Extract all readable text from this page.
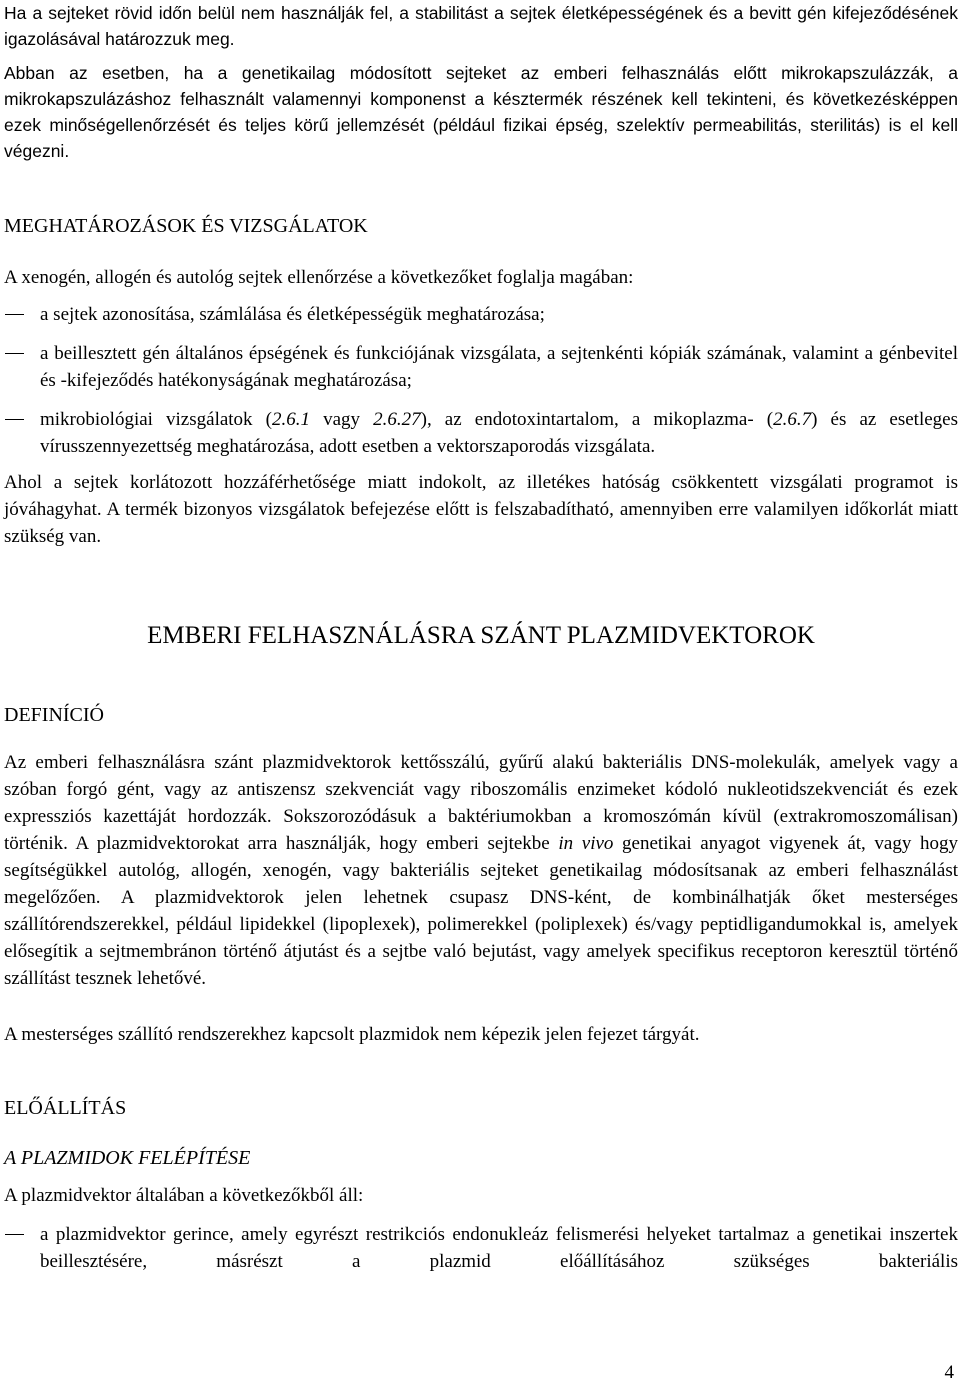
Ha a sejteket rövid időn belül nem használják fel, a stabilitást a sejtek életképességének és a bevitt gén kifejeződésének igazolásával határozzuk meg.

Abban az esetben, ha a genetikailag módosított sejteket az emberi felhasználás előtt mikrokapszulázzák, a mikrokapszulázáshoz felhasznált valamennyi komponenst a késztermék részének kell tekinteni, és következésképpen ezek minőségellenőrzését és teljes körű jellemzését (például fizikai épség, szelektív permeabilitás, sterilitás) is el kell végezni.

MEGHATÁROZÁSOK ÉS VIZSGÁLATOK

A xenogén, allogén és autológ sejtek ellenőrzése a következőket foglalja magában:

a sejtek azonosítása, számlálása és életképességük meghatározása;

a beillesztett gén általános épségének és funkciójának vizsgálata, a sejtenkénti kópiák számának, valamint a génbevitel és -kifejeződés hatékonyságának meghatározása;

mikrobiológiai vizsgálatok (2.6.1 vagy 2.6.27), az endotoxintartalom, a mikoplazma- (2.6.7) és az esetleges vírusszennyezettség meghatározása, adott esetben a vektorszaporodás vizsgálata.

Ahol a sejtek korlátozott hozzáférhetősége miatt indokolt, az illetékes hatóság csökkentett vizsgálati programot is jóváhagyhat. A termék bizonyos vizsgálatok befejezése előtt is felszabadítható, amennyiben erre valamilyen időkorlát miatt szükség van.

EMBERI FELHASZNÁLÁSRA SZÁNT PLAZMIDVEKTOROK
DEFINÍCIÓ

Az emberi felhasználásra szánt plazmidvektorok kettősszálú, gyűrű alakú bakteriális DNS-molekulák, amelyek vagy a szóban forgó gént, vagy az antiszensz szekvenciát vagy riboszomális enzimeket kódoló nukleotidszekvenciát és ezek expressziós kazettáját hordozzák. Sokszorozódásuk a baktériumokban a kromoszómán kívül (extrakromoszomálisan) történik. A plazmidvektorokat arra használják, hogy emberi sejtekbe in vivo genetikai anyagot vigyenek át, vagy hogy segítségükkel autológ, allogén, xenogén, vagy bakteriális sejteket genetikailag módosítsanak az emberi felhasználást megelőzően. A plazmidvektorok jelen lehetnek csupasz DNS-ként, de kombinálhatják őket mesterséges szállítórendszerekkel, például lipidekkel (lipoplexek), polimerekkel (poliplexek) és/vagy peptidligandumokkal is, amelyek elősegítik a sejtmembránon történő átjutást és a sejtbe való bejutást, vagy amelyek specifikus receptoron keresztül történő szállítást tesznek lehetővé.

A mesterséges szállító rendszerekhez kapcsolt plazmidok nem képezik jelen fejezet tárgyát.

ELŐÁLLÍTÁS
A PLAZMIDOK FELÉPÍTÉSE

A plazmidvektor általában a következőkből áll:

a plazmidvektor gerince, amely egyrészt restrikciós endonukleáz felismerési helyeket tartalmaz a genetikai inszertek beillesztésére, másrészt a plazmid előállításához szükséges bakteriális

4
